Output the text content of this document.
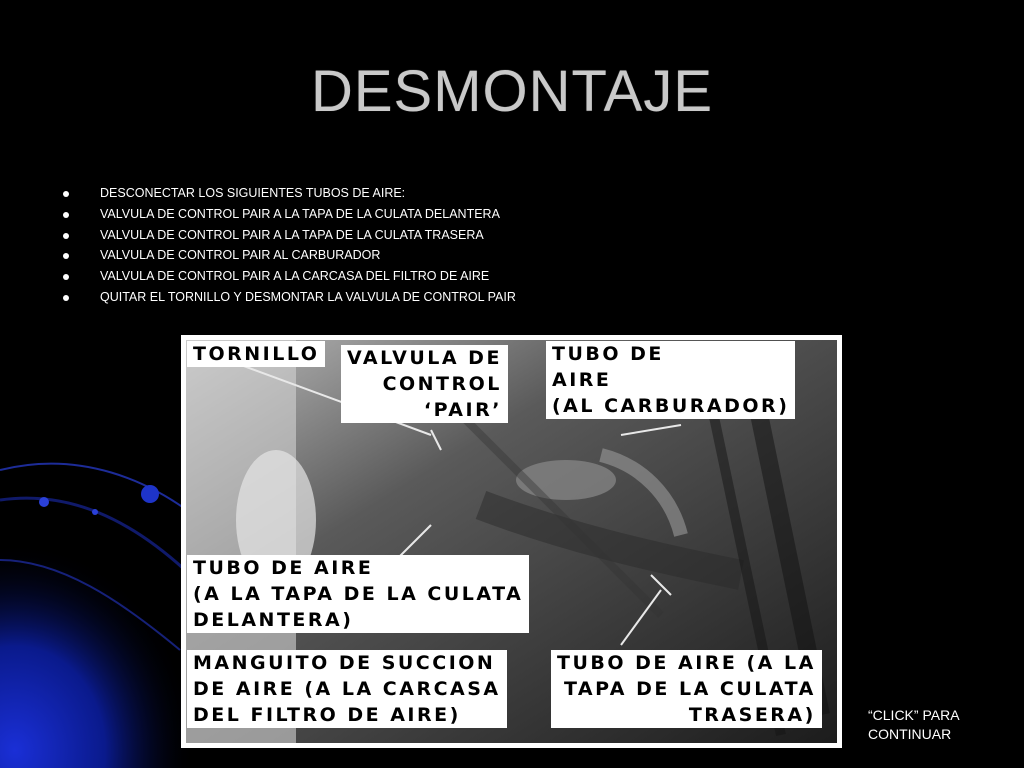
DESMONTAJE
DESCONECTAR LOS SIGUIENTES TUBOS DE AIRE:
VALVULA DE CONTROL PAIR A LA TAPA DE LA CULATA DELANTERA
VALVULA DE CONTROL PAIR A LA TAPA DE LA CULATA TRASERA
VALVULA DE CONTROL PAIR AL CARBURADOR
VALVULA DE CONTROL PAIR A LA CARCASA DEL FILTRO DE AIRE
QUITAR EL TORNILLO Y DESMONTAR LA VALVULA DE CONTROL PAIR
TORNILLO	VALVULA DE
CONTROL
‘PAIR’
TUBO DE
AIRE
(AL CARBURADOR)
TUBO DE AIRE
(A LA TAPA DE LA CULATA
DELANTERA)
MANGUITO DE SUCCION
DE AIRE (A LA CARCASA
DEL FILTRO DE AIRE)
TUBO DE AIRE (A LA
TAPA DE LA CULATA
TRASERA)	“CLICK” PARA CONTINUAR
